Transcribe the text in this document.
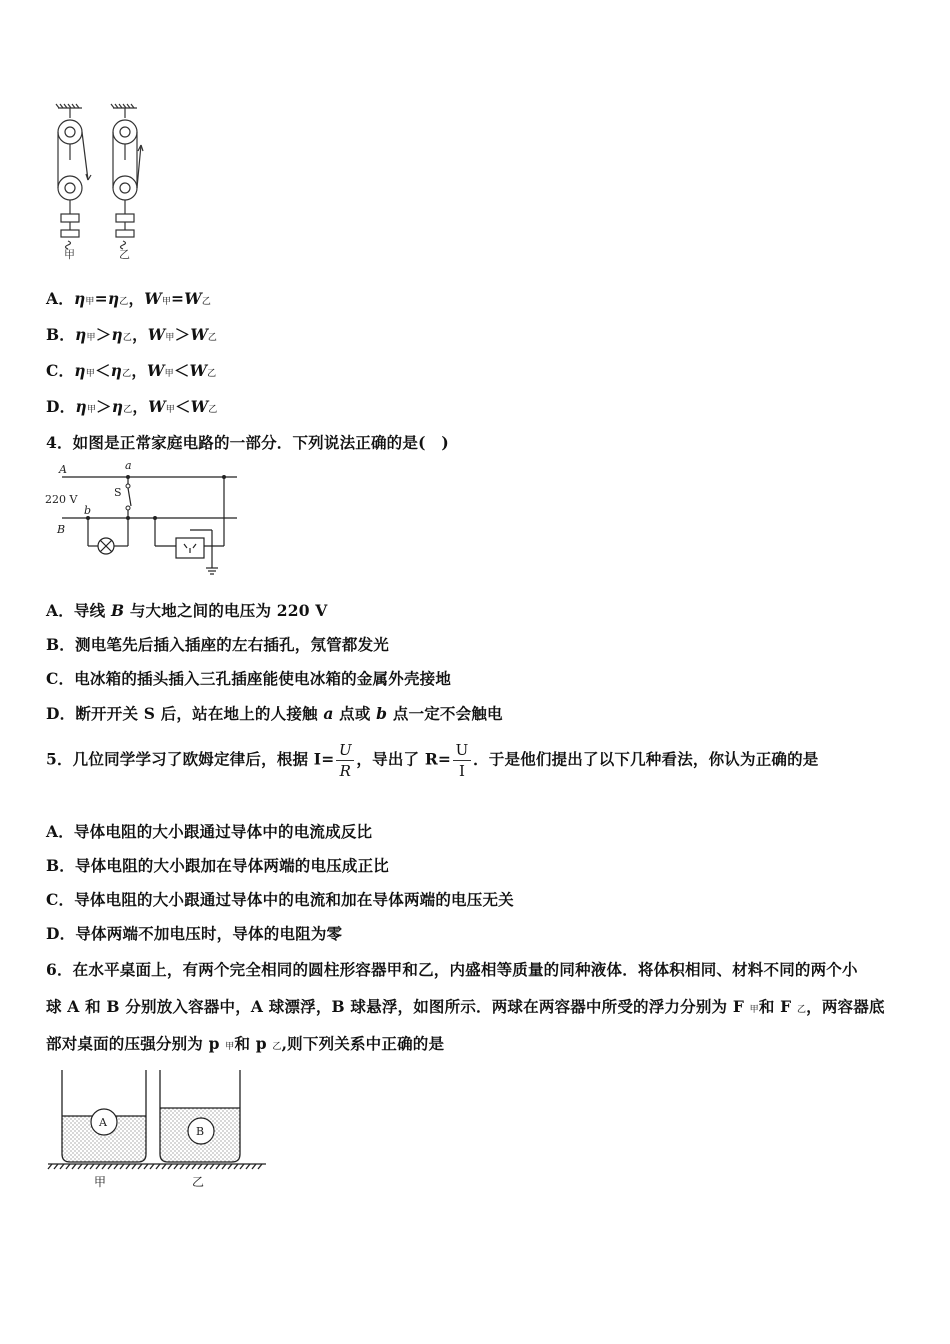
甲	乙
A．η甲=η乙，W甲=W乙
B．η甲＞η乙，W甲＞W乙
C．η甲＜η乙，W甲＜W乙
D．η甲＞η乙，W甲＜W乙
4．如图是正常家庭电路的一部分．下列说法正确的是(　)
A
B
220 V
a
b
S
A．导线 B 与大地之间的电压为 220 V
B．测电笔先后插入插座的左右插孔，氖管都发光
C．电冰箱的插头插入三孔插座能使电冰箱的金属外壳接地
D．断开开关 S 后，站在地上的人接触 a 点或 b 点一定不会触电
5．几位同学学习了欧姆定律后，根据 $I= \frac{U}{R}$ ，导出了 $R= \frac{U}{I}$ ．于是他们提出了以下几种看法，你认为正确的是
A．导体电阻的大小跟通过导体中的电流成反比
B．导体电阻的大小跟加在导体两端的电压成正比
C．导体电阻的大小跟通过导体中的电流和加在导体两端的电压无关
D．导体两端不加电压时，导体的电阻为零
6．在水平桌面上，有两个完全相同的圆柱形容器甲和乙，内盛相等质量的同种液体．将体积相同、材料不同的两个小
球 A 和 B 分别放入容器中，A 球漂浮，B 球悬浮，如图所示．两球在两容器中所受的浮力分别为 F 甲和 F 乙，两容器底
部对桌面的压强分别为 p 甲和 p 乙,则下列关系中正确的是
A
B
甲	乙
